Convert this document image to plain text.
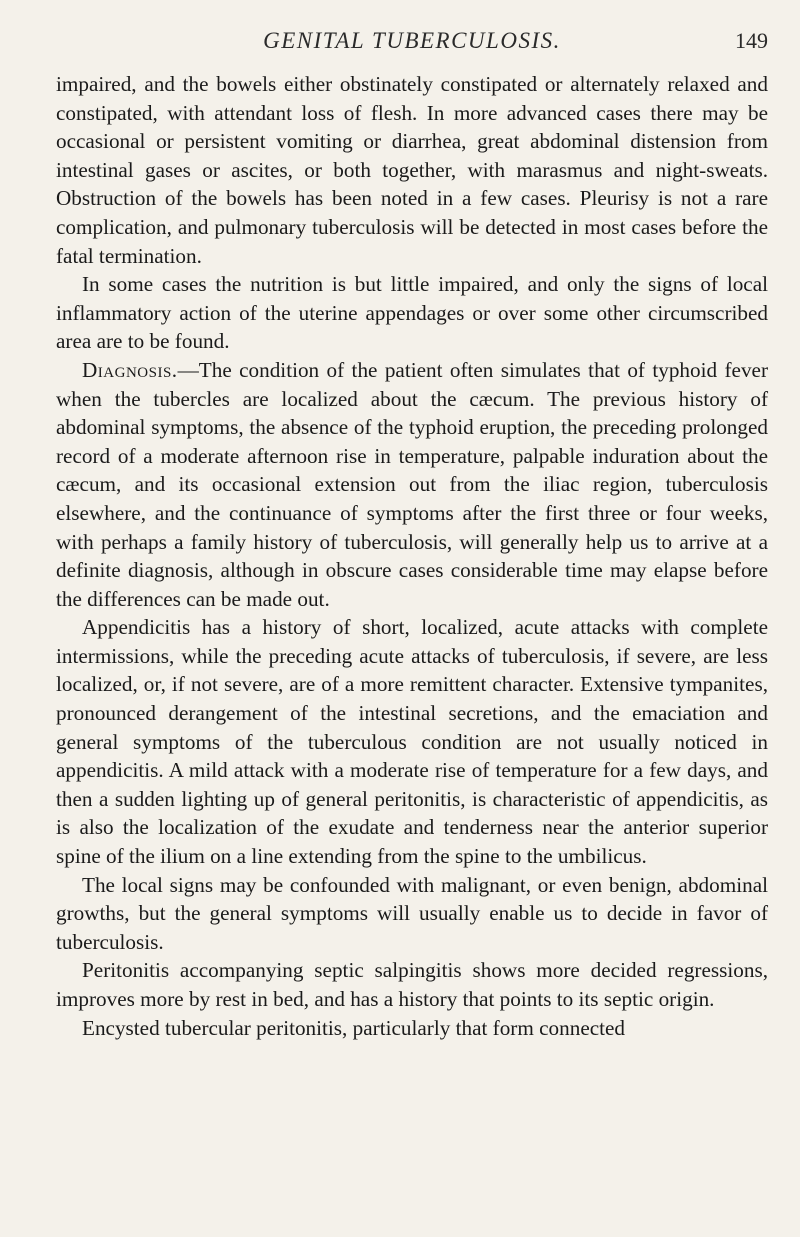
GENITAL TUBERCULOSIS.	149

impaired, and the bowels either obstinately constipated or alternately relaxed and constipated, with attendant loss of flesh. In more advanced cases there may be occasional or persistent vomiting or diarrhea, great abdominal distension from intestinal gases or ascites, or both together, with marasmus and night-sweats. Obstruction of the bowels has been noted in a few cases. Pleurisy is not a rare complication, and pulmonary tuberculosis will be detected in most cases before the fatal termination.

In some cases the nutrition is but little impaired, and only the signs of local inflammatory action of the uterine appendages or over some other circumscribed area are to be found.

Diagnosis.—The condition of the patient often simulates that of typhoid fever when the tubercles are localized about the cæcum. The previous history of abdominal symptoms, the absence of the typhoid eruption, the preceding prolonged record of a moderate afternoon rise in temperature, palpable induration about the cæcum, and its occasional extension out from the iliac region, tuberculosis elsewhere, and the continuance of symptoms after the first three or four weeks, with perhaps a family history of tuberculosis, will generally help us to arrive at a definite diagnosis, although in obscure cases considerable time may elapse before the differences can be made out.

Appendicitis has a history of short, localized, acute attacks with complete intermissions, while the preceding acute attacks of tuberculosis, if severe, are less localized, or, if not severe, are of a more remittent character. Extensive tympanites, pronounced derangement of the intestinal secretions, and the emaciation and general symptoms of the tuberculous condition are not usually noticed in appendicitis. A mild attack with a moderate rise of temperature for a few days, and then a sudden lighting up of general peritonitis, is characteristic of appendicitis, as is also the localization of the exudate and tenderness near the anterior superior spine of the ilium on a line extending from the spine to the umbilicus.

The local signs may be confounded with malignant, or even benign, abdominal growths, but the general symptoms will usually enable us to decide in favor of tuberculosis.

Peritonitis accompanying septic salpingitis shows more decided regressions, improves more by rest in bed, and has a history that points to its septic origin.

Encysted tubercular peritonitis, particularly that form connected
